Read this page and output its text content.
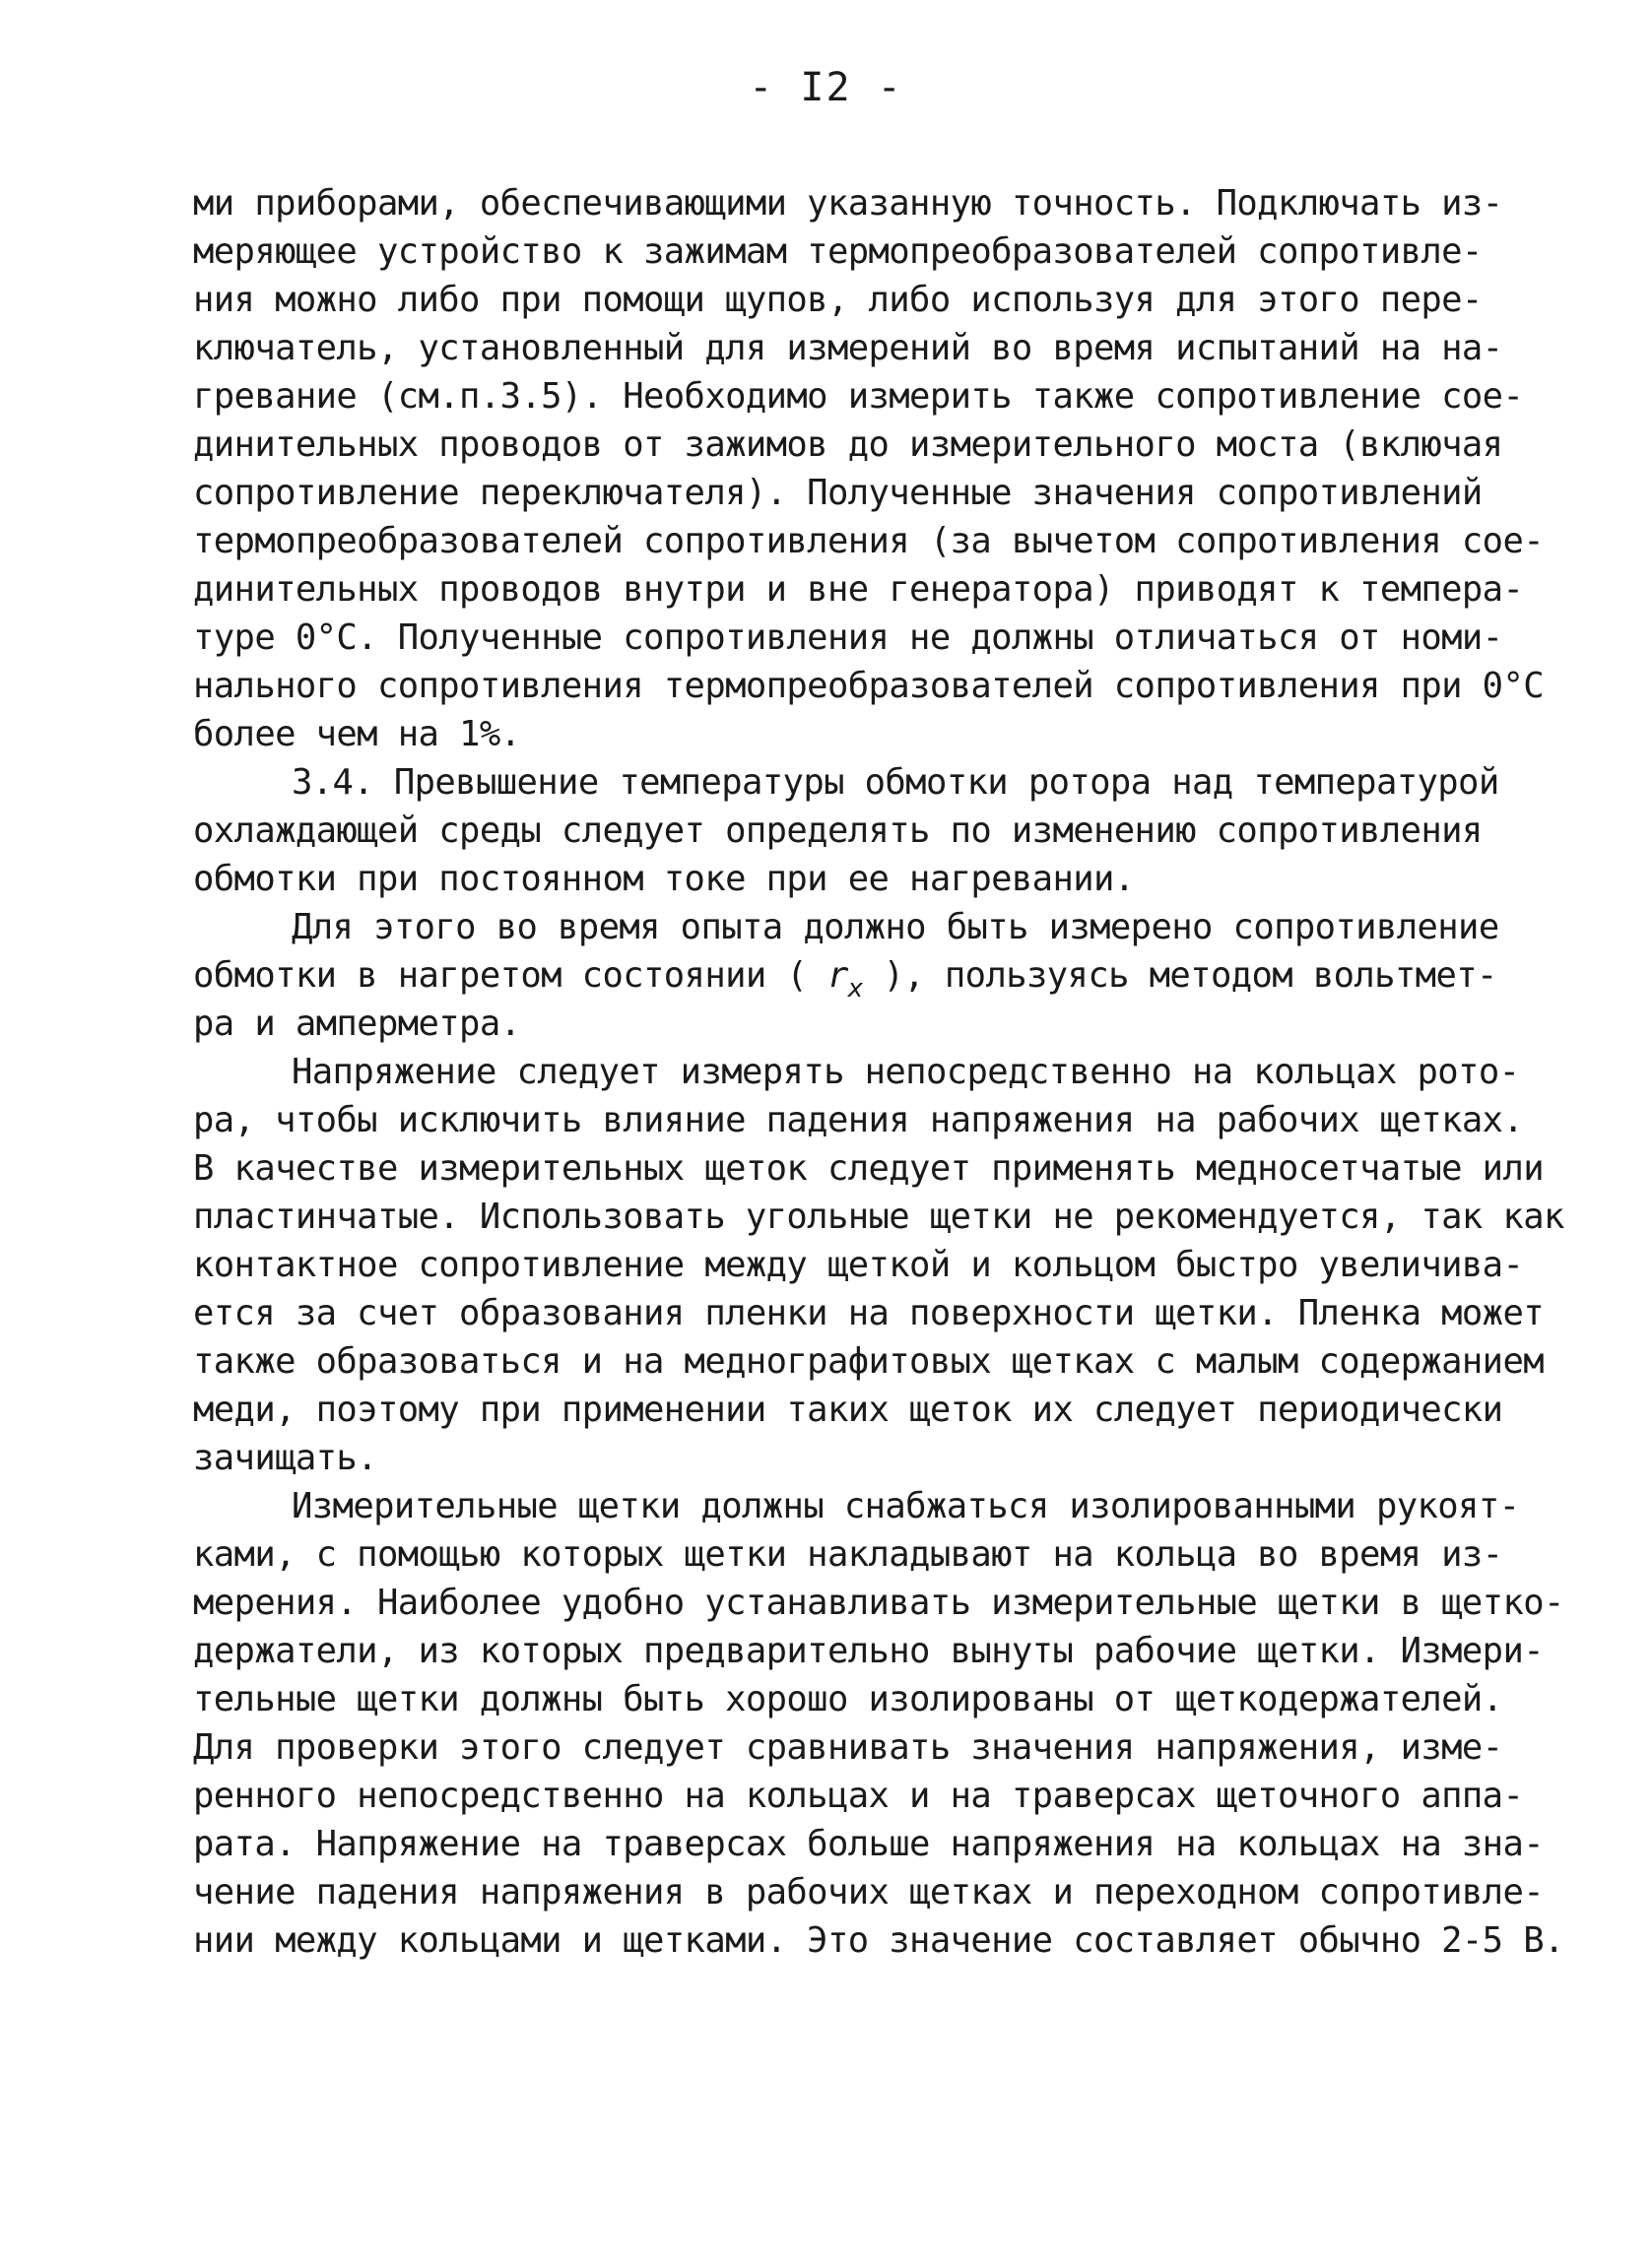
- I2 -
ми приборами, обеспечивающими указанную точность. Подключать из-
меряющее устройство к зажимам термопреобразователей сопротивле-
ния можно либо при помощи щупов, либо используя для этого пере-
ключатель, установленный для измерений во время испытаний на на-
гревание (см.п.3.5). Необходимо измерить также сопротивление сое-
динительных проводов от зажимов до измерительного моста (включая
сопротивление переключателя). Полученные значения сопротивлений
термопреобразователей сопротивления (за вычетом сопротивления сое-
динительных проводов внутри и вне генератора) приводят к темпера-
туре 0°С. Полученные сопротивления не должны отличаться от номи-
нального сопротивления термопреобразователей сопротивления при 0°С
более чем на 1%.
3.4. Превышение температуры обмотки ротора над температурой
охлаждающей среды следует определять по изменению сопротивления
обмотки при постоянном токе при ее нагревании.
Для этого во время опыта должно быть измерено сопротивление
обмотки в нагретом состоянии ( $r_x$ ), пользуясь методом вольтмет-
ра и амперметра.
Напряжение следует измерять непосредственно на кольцах рото-
ра, чтобы исключить влияние падения напряжения на рабочих щетках.
В качестве измерительных щеток следует применять медносетчатые или
пластинчатые. Использовать угольные щетки не рекомендуется, так как
контактное сопротивление между щеткой и кольцом быстро увеличива-
ется за счет образования пленки на поверхности щетки. Пленка может
также образоваться и на меднографитовых щетках с малым содержанием
меди, поэтому при применении таких щеток их следует периодически
зачищать.
Измерительные щетки должны снабжаться изолированными рукоят-
ками, с помощью которых щетки накладывают на кольца во время из-
мерения. Наиболее удобно устанавливать измерительные щетки в щетко-
держатели, из которых предварительно вынуты рабочие щетки. Измери-
тельные щетки должны быть хорошо изолированы от щеткодержателей.
Для проверки этого следует сравнивать значения напряжения, изме-
ренного непосредственно на кольцах и на траверсах щеточного аппа-
рата. Напряжение на траверсах больше напряжения на кольцах на зна-
чение падения напряжения в рабочих щетках и переходном сопротивле-
нии между кольцами и щетками. Это значение составляет обычно 2-5 В.
